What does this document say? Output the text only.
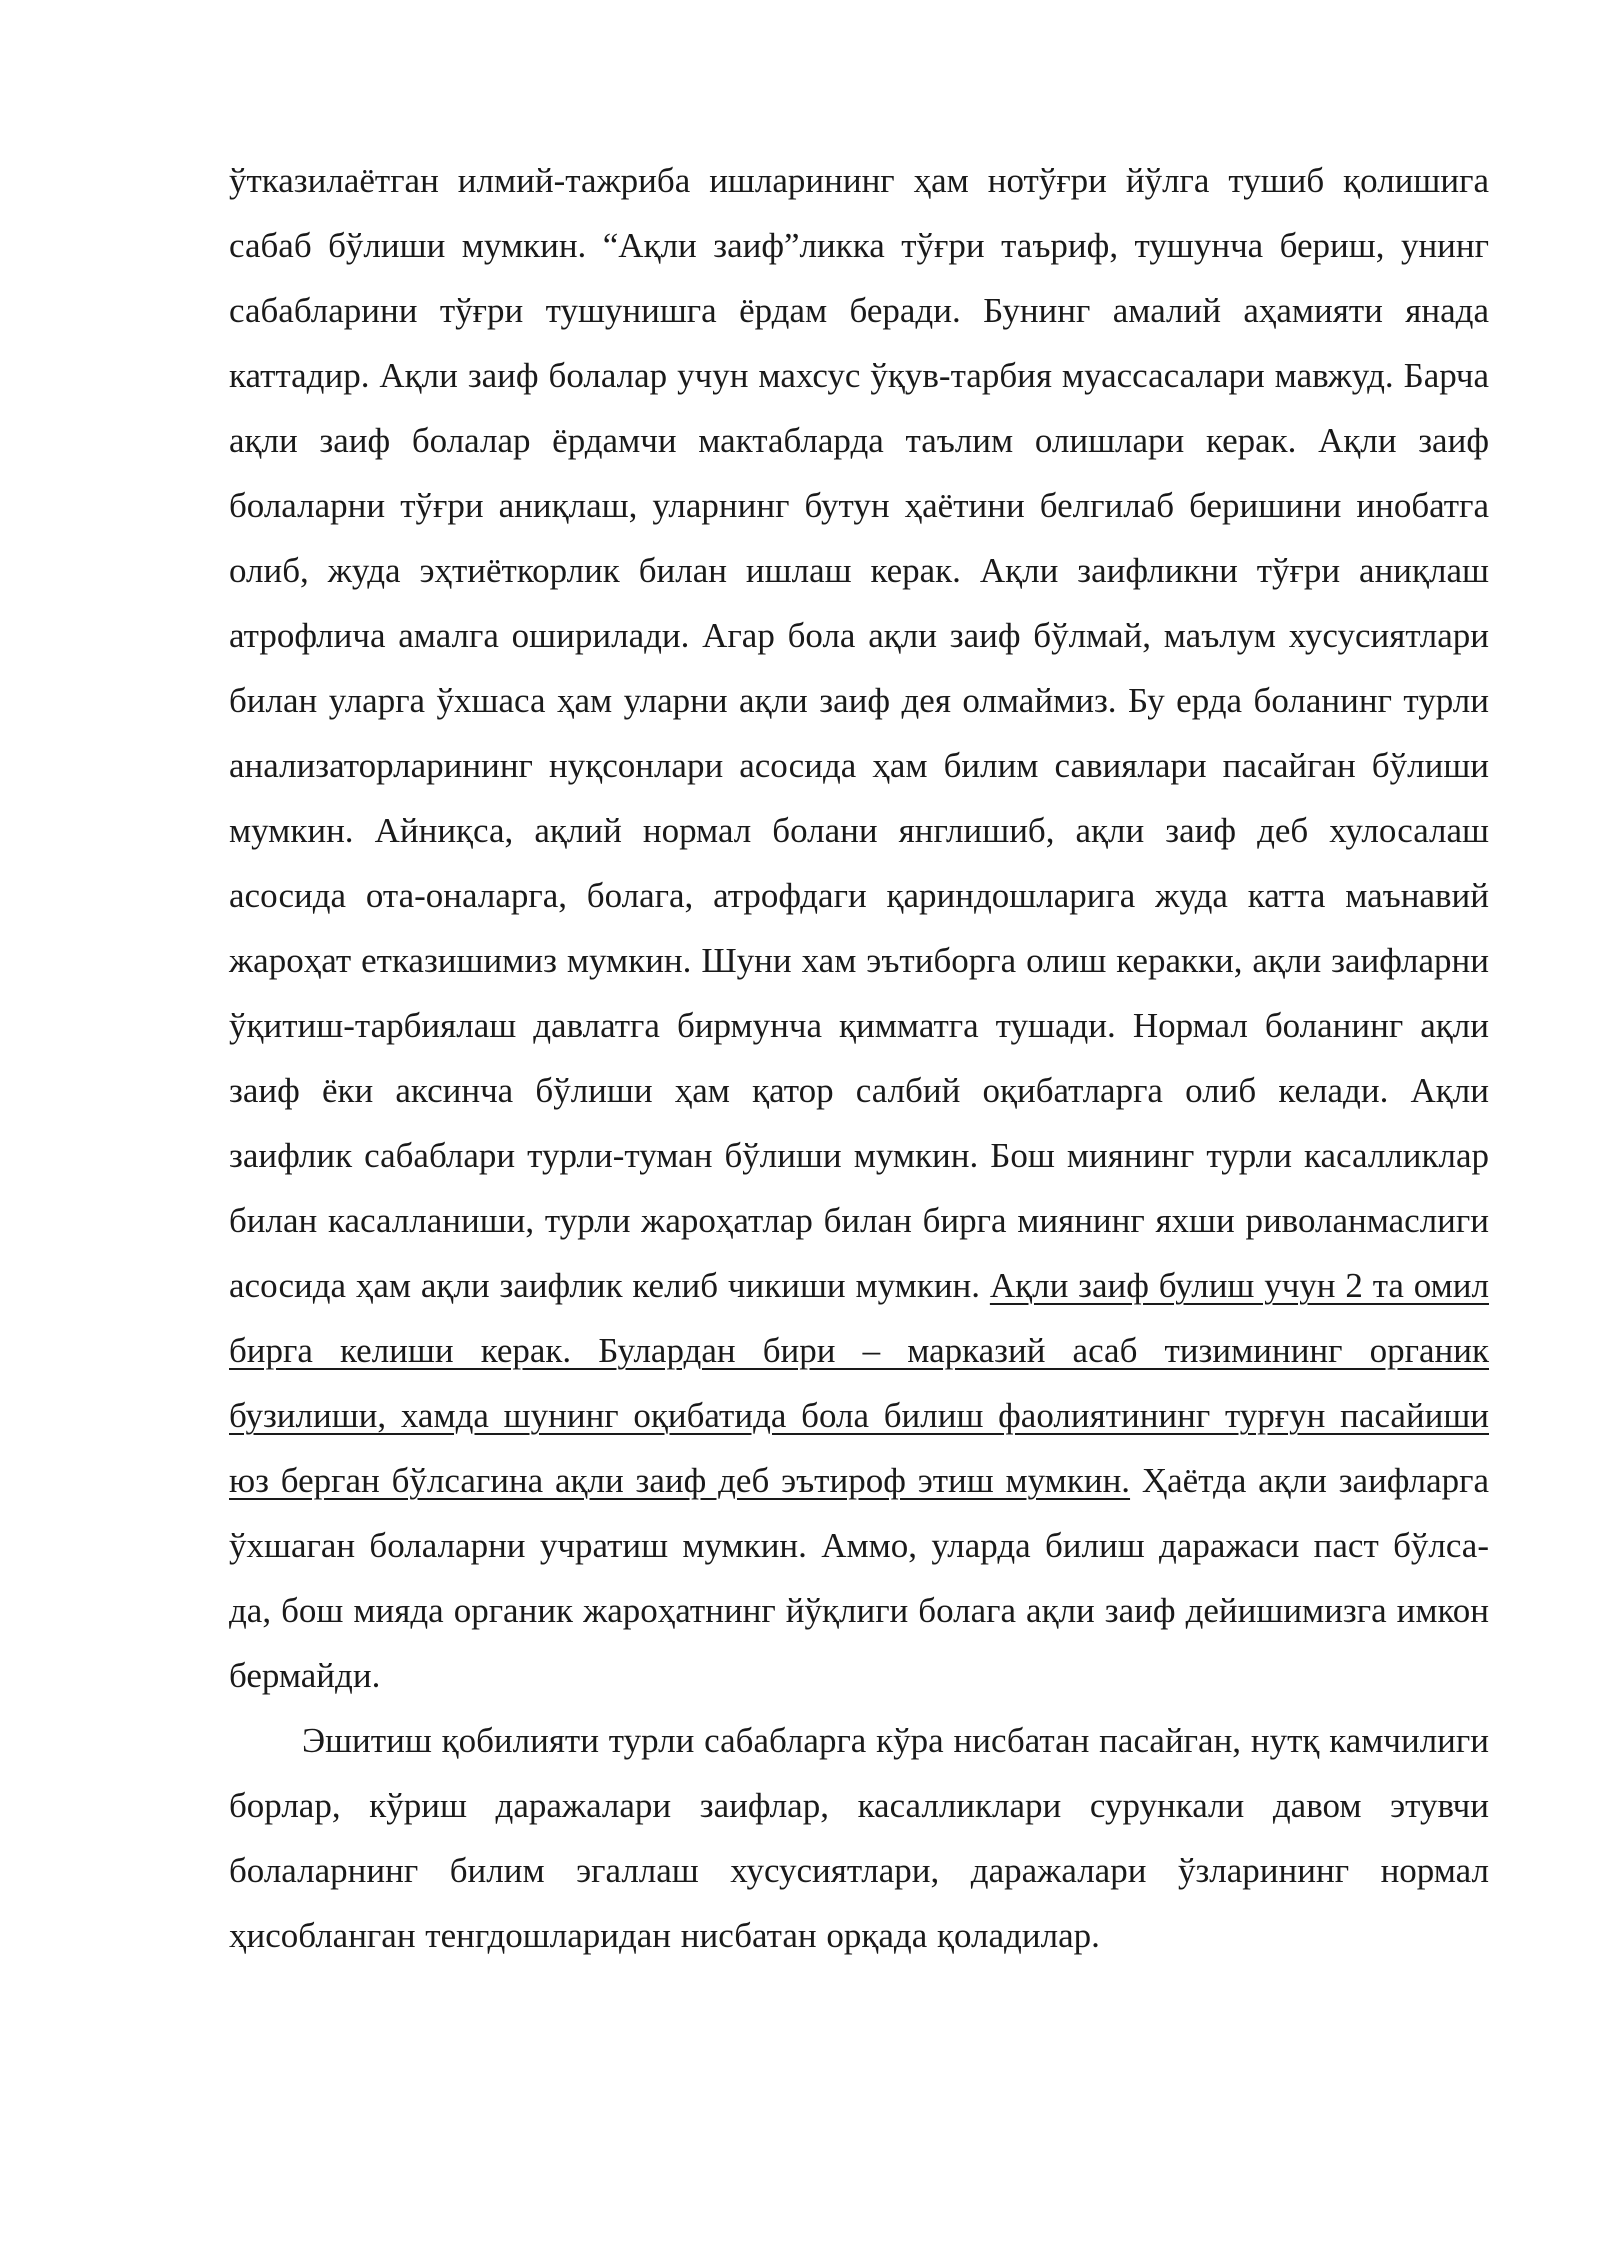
ўтказилаётган илмий-тажриба ишларининг ҳам нотўғри йўлга тушиб қолишига сабаб бўлиши мумкин. “Ақли заиф”ликка тўғри таъриф, тушунча бериш, унинг сабабларини тўғри тушунишга ёрдам беради. Бунинг амалий аҳамияти янада каттадир. Ақли заиф болалар учун махсус ўқув-тарбия муассасалари мавжуд. Барча ақли заиф болалар ёрдамчи мактабларда таълим олишлари керак. Ақли заиф болаларни тўғри аниқлаш, уларнинг бутун ҳаётини белгилаб беришини инобатга олиб, жуда эҳтиёткорлик билан ишлаш керак. Ақли заифликни тўғри аниқлаш атрофлича амалга оширилади. Агар бола ақли заиф бўлмай, маълум хусусиятлари билан уларга ўхшаса ҳам уларни ақли заиф дея олмаймиз. Бу ерда боланинг турли анализаторларининг нуқсонлари асосида ҳам билим савиялари пасайган бўлиши мумкин. Айниқса, ақлий нормал болани янглишиб, ақли заиф деб хулосалаш асосида ота-оналарга, болага, атрофдаги қариндошларига жуда катта маънавий жароҳат етказишимиз мумкин. Шуни хам эътиборга олиш керакки, ақли заифларни ўқитиш-тарбиялаш давлатга бирмунча қимматга тушади. Нормал боланинг ақли заиф ёки аксинча бўлиши ҳам қатор салбий оқибатларга олиб келади. Ақли заифлик сабаблари турли-туман бўлиши мумкин. Бош миянинг турли касалликлар билан касалланиши, турли жароҳатлар билан бирга миянинг яхши риволанмаслиги асосида ҳам ақли заифлик келиб чикиши мумкин. Ақли заиф булиш учун 2 та омил бирга келиши керак. Булардан бири – марказий асаб тизимининг органик бузилиши, хамда шунинг оқибатида бола билиш фаолиятининг турғун пасайиши юз берган бўлсагина ақли заиф деб эътироф этиш мумкин. Ҳаётда ақли заифларга ўхшаган болаларни учратиш мумкин. Аммо, уларда билиш даражаси паст бўлса-да, бош мияда органик жароҳатнинг йўқлиги болага ақли заиф дейишимизга имкон бермайди.

Эшитиш қобилияти турли сабабларга кўра нисбатан пасайган, нутқ камчилиги борлар, кўриш даражалари заифлар, касалликлари сурункали давом этувчи болаларнинг билим эгаллаш хусусиятлари, даражалари ўзларининг нормал ҳисобланган тенгдошларидан нисбатан орқада қоладилар.
